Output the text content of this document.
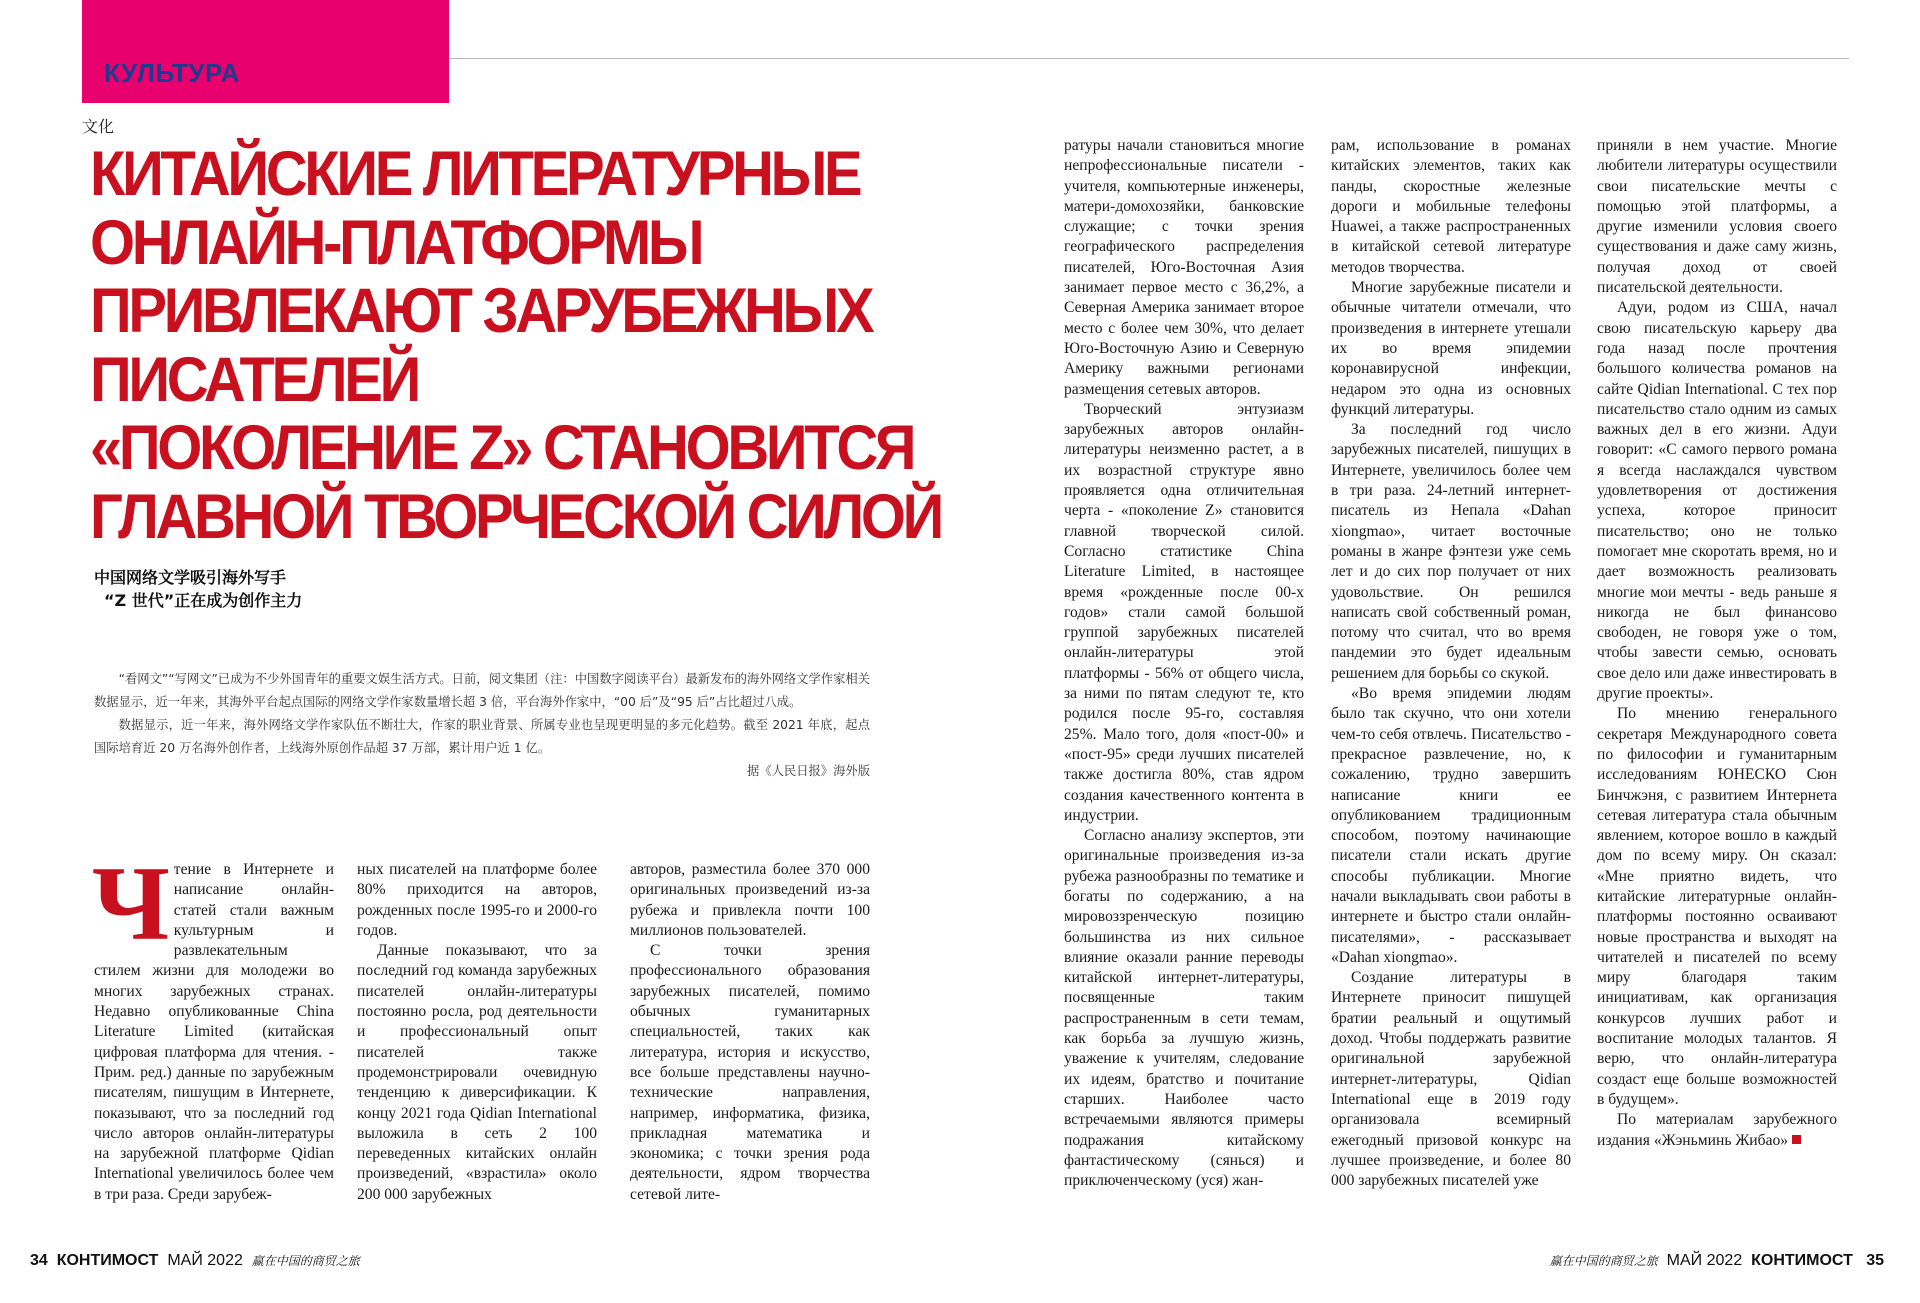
КУЛЬТУРА
文化
КИТАЙСКИЕ ЛИТЕРАТУРНЫЕ
ОНЛАЙН-ПЛАТФОРМЫ
ПРИВЛЕКАЮТ ЗАРУБЕЖНЫХ
ПИСАТЕЛЕЙ
«ПОКОЛЕНИЕ Z» СТАНОВИТСЯ
ГЛАВНОЙ ТВОРЧЕСКОЙ СИЛОЙ
中国网络文学吸引海外写手
“Z 世代”正在成为创作主力

“看网文”“写网文”已成为不少外国青年的重要文娱生活方式。日前，阅文集团（注：中国数字阅读平台）最新发布的海外网络文学作家相关数据显示，近一年来，其海外平台起点国际的网络文学作家数量增长超 3 倍，平台海外作家中，“00 后”及“95 后”占比超过八成。

数据显示，近一年来，海外网络文学作家队伍不断壮大，作家的职业背景、所属专业也呈现更明显的多元化趋势。截至 2021 年底，起点国际培育近 20 万名海外创作者，上线海外原创作品超 37 万部，累计用户近 1 亿。

据《人民日报》海外版

Чтение в Интернете и написание онлайн-статей стали важным культурным и развлекательным стилем жизни для молодежи во многих зарубежных странах. Недавно опубликованные China Literature Limited (китайская цифровая платформа для чтения. - Прим. ред.) данные по зарубежным писателям, пишущим в Интернете, показывают, что за последний год число авторов онлайн-литературы на зарубежной платформе Qidian International увеличилось более чем в три раза. Среди зарубеж-

ных писателей на платформе более 80% приходится на авторов, рожденных после 1995-го и 2000-го годов.

Данные показывают, что за последний год команда зарубежных писателей онлайн-литературы постоянно росла, род деятельности и профессиональный опыт писателей также продемонстрировали очевидную тенденцию к диверсификации. К концу 2021 года Qidian International выложила в сеть 2 100 переведенных китайских онлайн произведений, «взрастила» около 200 000 зарубежных

авторов, разместила более 370 000 оригинальных произведений из-за рубежа и привлекла почти 100 миллионов пользователей.

С точки зрения профессионального образования зарубежных писателей, помимо обычных гуманитарных специальностей, таких как литература, история и искусство, все больше представлены научно-технические направления, например, информатика, физика, прикладная математика и экономика; с точки зрения рода деятельности, ядром творчества сетевой лите-

34 КОНТИМОСТ МАЙ 2022 赢在中国的商贸之旅

ратуры начали становиться многие непрофессиональные писатели - учителя, компьютерные инженеры, матери-домохозяйки, банковские служащие; с точки зрения географического распределения писателей, Юго-Восточная Азия занимает первое место с 36,2%, а Северная Америка занимает второе место с более чем 30%, что делает Юго-Восточную Азию и Северную Америку важными регионами размещения сетевых авторов.

Творческий энтузиазм зарубежных авторов онлайн-литературы неизменно растет, а в их возрастной структуре явно проявляется одна отличительная черта - «поколение Z» становится главной творческой силой. Согласно статистике China Literature Limited, в настоящее время «рожденные после 00-х годов» стали самой большой группой зарубежных писателей онлайн-литературы этой платформы - 56% от общего числа, за ними по пятам следуют те, кто родился после 95-го, составляя 25%. Мало того, доля «пост-00» и «пост-95» среди лучших писателей также достигла 80%, став ядром создания качественного контента в индустрии.

Согласно анализу экспертов, эти оригинальные произведения из-за рубежа разнообразны по тематике и богаты по содержанию, а на мировоззренческую позицию большинства из них сильное влияние оказали ранние переводы китайской интернет-литературы, посвященные таким распространенным в сети темам, как борьба за лучшую жизнь, уважение к учителям, следование их идеям, братство и почитание старших. Наиболее часто встречаемыми являются примеры подражания китайскому фантастическому (сянься) и приключенческому (уся) жан-

рам, использование в романах китайских элементов, таких как панды, скоростные железные дороги и мобильные телефоны Huawei, а также распространенных в китайской сетевой литературе методов творчества.

Многие зарубежные писатели и обычные читатели отмечали, что произведения в интернете утешали их во время эпидемии коронавирусной инфекции, недаром это одна из основных функций литературы.

За последний год число зарубежных писателей, пишущих в Интернете, увеличилось более чем в три раза. 24-летний интернет-писатель из Непала «Dahan xiongmao», читает восточные романы в жанре фэнтези уже семь лет и до сих пор получает от них удовольствие. Он решился написать свой собственный роман, потому что считал, что во время пандемии это будет идеальным решением для борьбы со скукой.

«Во время эпидемии людям было так скучно, что они хотели чем-то себя отвлечь. Писательство - прекрасное развлечение, но, к сожалению, трудно завершить написание книги ее опубликованием традиционным способом, поэтому начинающие писатели стали искать другие способы публикации. Многие начали выкладывать свои работы в интернете и быстро стали онлайн-писателями», - рассказывает «Dahan xiongmao».

Создание литературы в Интернете приносит пишущей братии реальный и ощутимый доход. Чтобы поддержать развитие оригинальной зарубежной интернет-литературы, Qidian International еще в 2019 году организовала всемирный ежегодный призовой конкурс на лучшее произведение, и более 80 000 зарубежных писателей уже

приняли в нем участие. Многие любители литературы осуществили свои писательские мечты с помощью этой платформы, а другие изменили условия своего существования и даже саму жизнь, получая доход от своей писательской деятельности.

Адуи, родом из США, начал свою писательскую карьеру два года назад после прочтения большого количества романов на сайте Qidian International. С тех пор писательство стало одним из самых важных дел в его жизни. Адуи говорит: «С самого первого романа я всегда наслаждался чувством удовлетворения от достижения успеха, которое приносит писательство; оно не только помогает мне скоротать время, но и дает возможность реализовать многие мои мечты - ведь раньше я никогда не был финансово свободен, не говоря уже о том, чтобы завести семью, основать свое дело или даже инвестировать в другие проекты».

По мнению генерального секретаря Международного совета по философии и гуманитарным исследованиям ЮНЕСКО Сюн Бинчжэня, с развитием Интернета сетевая литература стала обычным явлением, которое вошло в каждый дом по всему миру. Он сказал: «Мне приятно видеть, что китайские литературные онлайн-платформы постоянно осваивают новые пространства и выходят на читателей и писателей по всему миру благодаря таким инициативам, как организация конкурсов лучших работ и воспитание молодых талантов. Я верю, что онлайн-литература создаст еще больше возможностей в будущем».

По материалам зарубежного издания «Жэньминь Жибао»

赢在中国的商贸之旅 МАЙ 2022 КОНТИМОСТ 35
